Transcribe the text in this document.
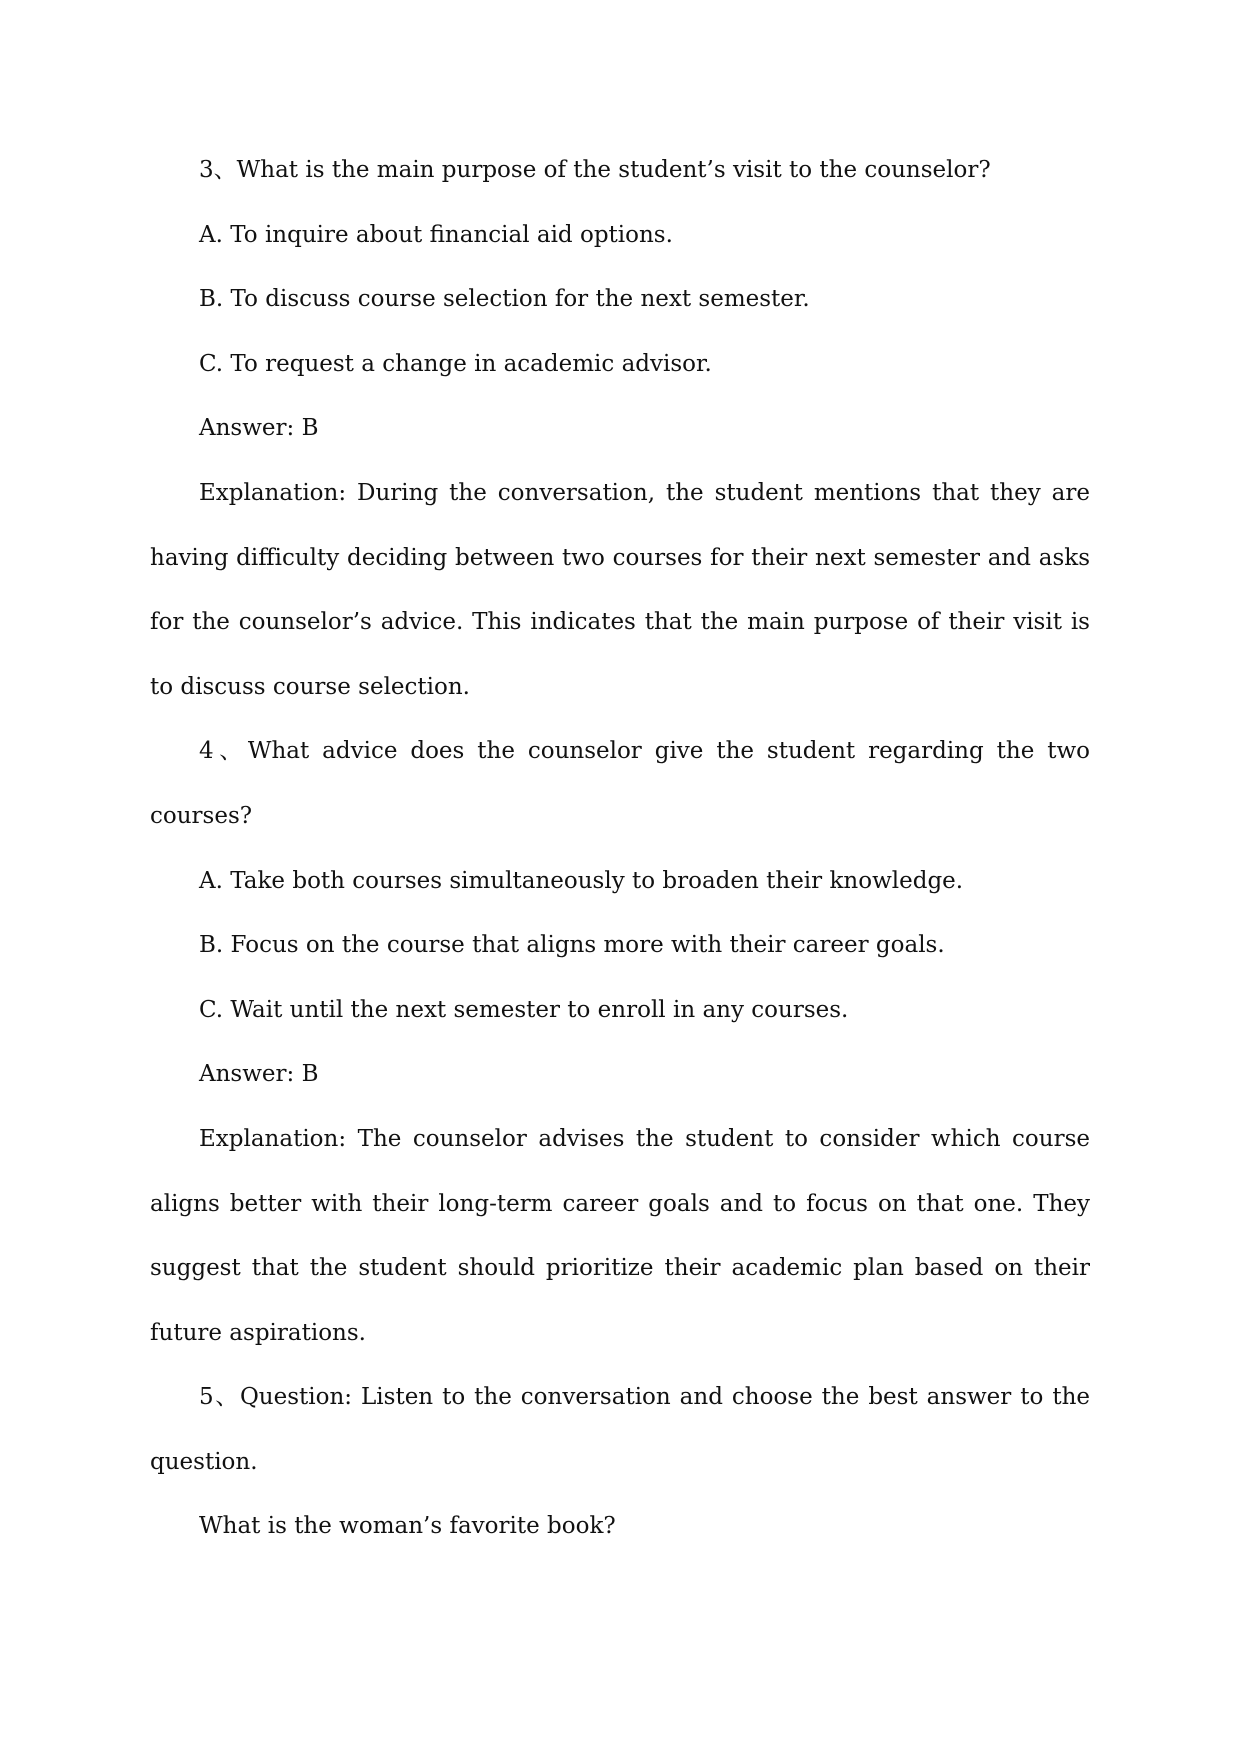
3、What is the main purpose of the student’s visit to the counselor?
A. To inquire about financial aid options.
B. To discuss course selection for the next semester.
C. To request a change in academic advisor.
Answer: B
Explanation: During the conversation, the student mentions that they are having difficulty deciding between two courses for their next semester and asks for the counselor’s advice. This indicates that the main purpose of their visit is to discuss course selection.
4、What advice does the counselor give the student regarding the two courses?
A. Take both courses simultaneously to broaden their knowledge.
B. Focus on the course that aligns more with their career goals.
C. Wait until the next semester to enroll in any courses.
Answer: B
Explanation: The counselor advises the student to consider which course aligns better with their long-term career goals and to focus on that one. They suggest that the student should prioritize their academic plan based on their future aspirations.
5、Question: Listen to the conversation and choose the best answer to the question.
What is the woman’s favorite book?
